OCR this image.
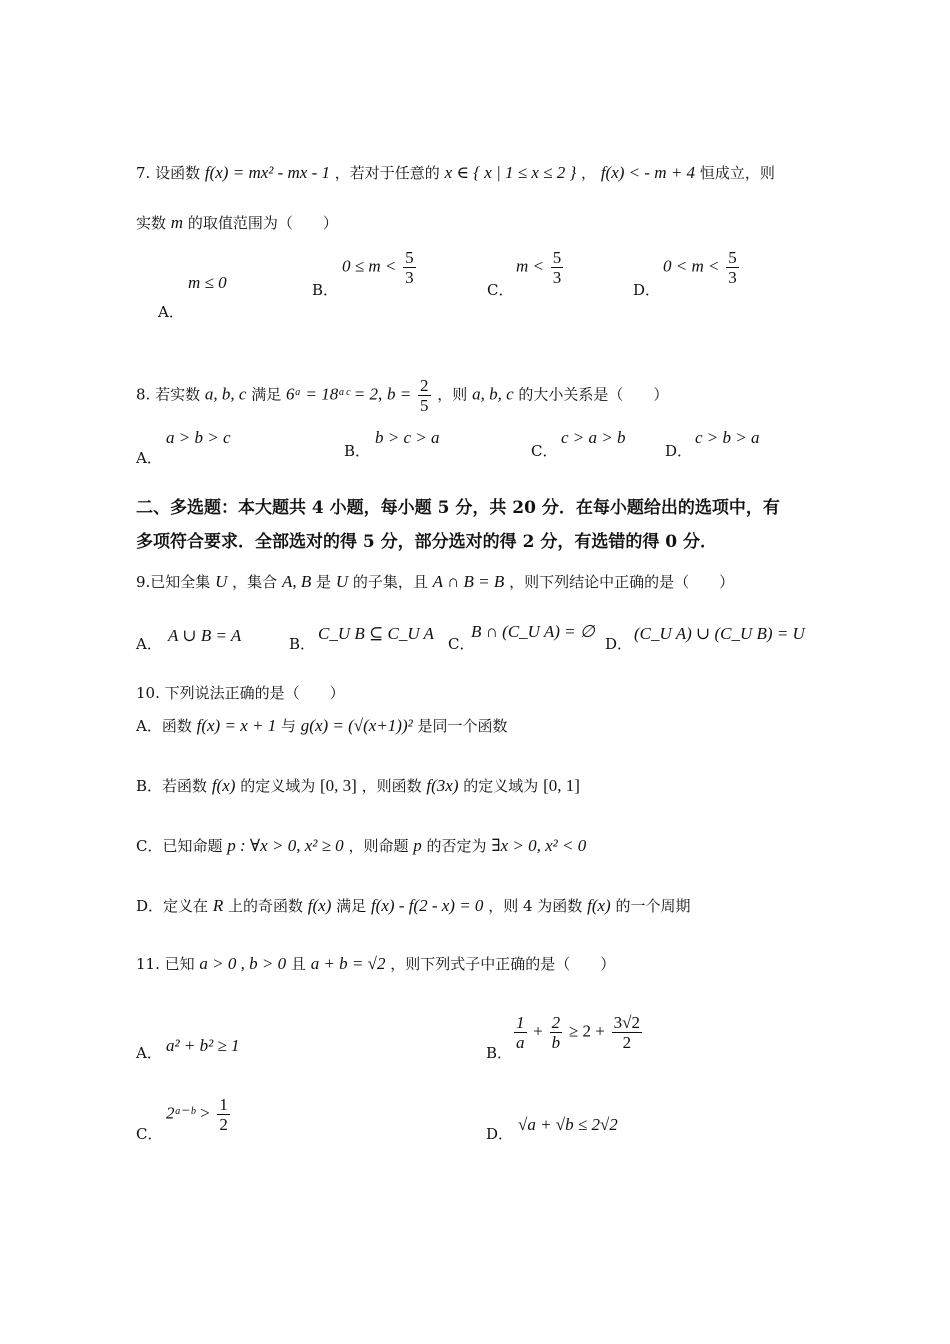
7. 设函数 f(x) = mx² - mx - 1 ，若对于任意的 x ∈ { x | 1 ≤ x ≤ 2 } ， f(x) < - m + 4 恒成立，则
实数 m 的取值范围为（　　）
m ≤ 0
A．
B．
$0 \le m < \frac{5}{3}$
C．
$m < \frac{5}{3}$
D．
$0 < m < \frac{5}{3}$
8. 若实数 a, b, c 满足 6ᵃ = 18ᵃᶜ = 2, $b = \frac{2}{5}$ ，则 a, b, c 的大小关系是（　　）
A．
a > b > c
B．
b > c > a
C．
c > a > b
D．
c > b > a
二、多选题：本大题共 4 小题，每小题 5 分，共 20 分．在每小题给出的选项中，有
多项符合要求．全部选对的得 5 分，部分选对的得 2 分，有选错的得 0 分．
9.已知全集 U ，集合 A, B 是 U 的子集，且 A ∩ B = B ，则下列结论中正确的是（　　）
A． A ∪ B = A	B．
C_U B ⊆ C_U A
C．
B ∩ (C_U A) = ∅
D．
(C_U A) ∪ (C_U B) = U
10. 下列说法正确的是（　　）
A．函数 f(x) = x + 1 与 g(x) = (√(x+1))² 是同一个函数
B．若函数 f(x) 的定义域为 [0, 3] ，则函数 f(3x) 的定义域为 [0, 1]
C．已知命题 p : ∀x > 0, x² ≥ 0 ，则命题 p 的否定为 ∃x > 0, x² < 0
D．定义在 R 上的奇函数 f(x) 满足 f(x) - f(2 - x) = 0 ，则 4 为函数 f(x) 的一个周期
11. 已知 a > 0 , b > 0 且 a + b = √2 ，则下列式子中正确的是（　　）
A． a² + b² ≥ 1	B．
$\frac{1}{a} + \frac{2}{b} \ge 2 + \frac{3√2}{2}$
C．
2ᵃ⁻ᵇ > $\frac{1}{2}$	D． √a + √b ≤ 2√2
